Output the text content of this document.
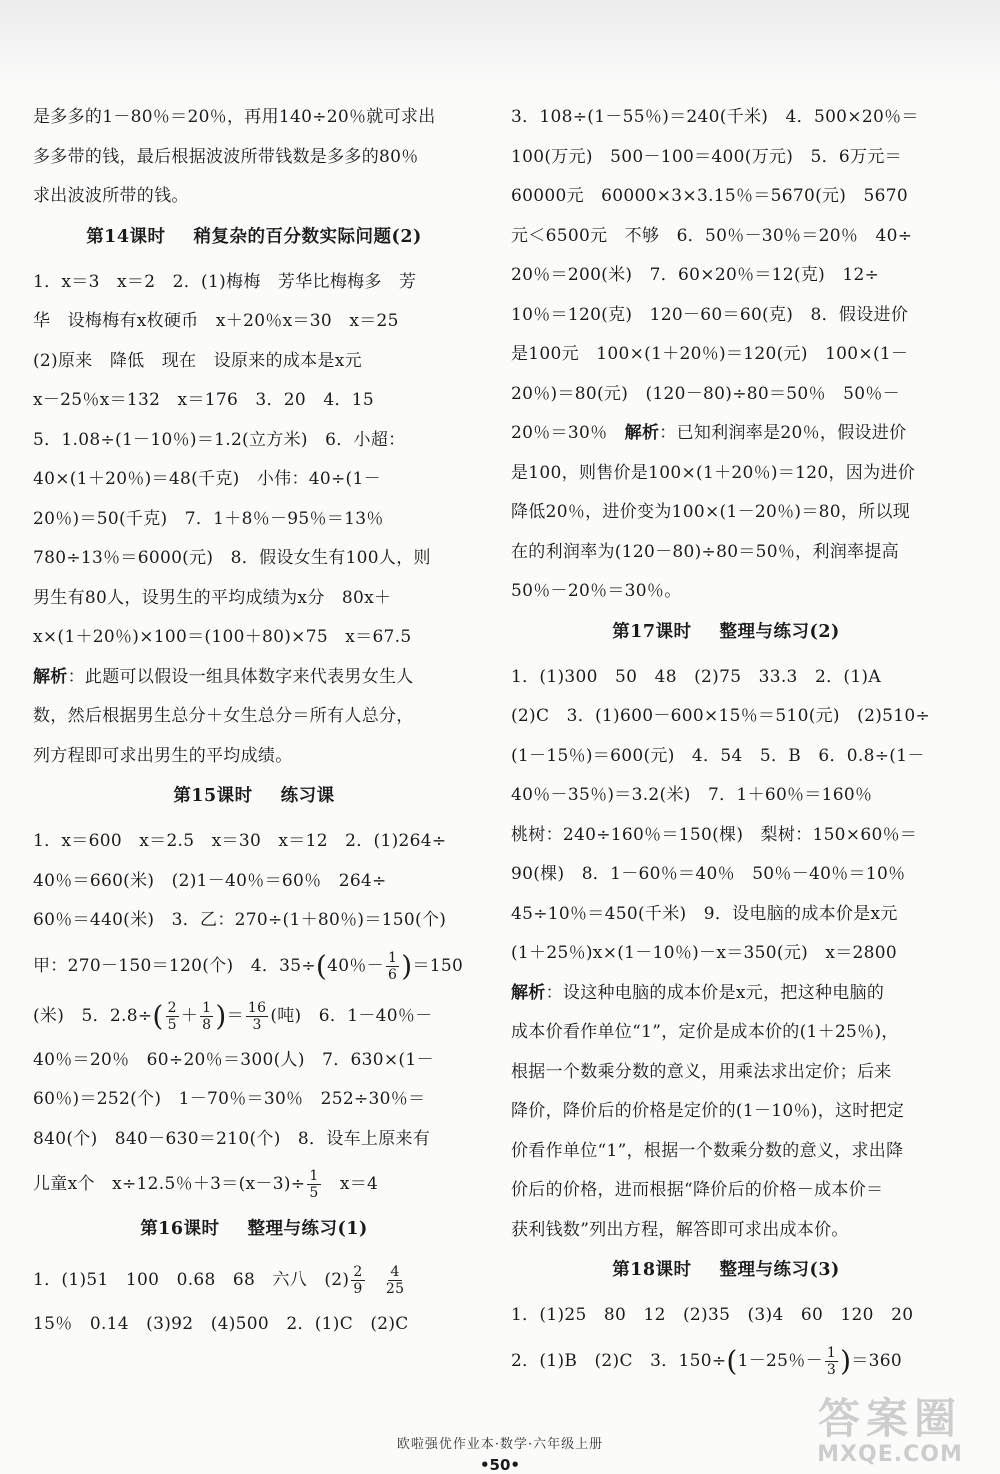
是多多的1－80％＝20％，再用140÷20％就可求出

多多带的钱，最后根据波波所带钱数是多多的80％

求出波波所带的钱。

第14课时 稍复杂的百分数实际问题(2)

1．x＝3　x＝2　2．(1)梅梅　芳华比梅梅多　芳

华　设梅梅有x枚硬币　x＋20％x＝30　x＝25

(2)原来　降低　现在　设原来的成本是x元

x－25％x＝132　x＝176　3．20　4．15

5．1.08÷(1－10％)＝1.2(立方米)　6．小超：

40×(1＋20％)＝48(千克)　小伟：40÷(1－

20％)＝50(千克)　7．1＋8％－95％＝13％

780÷13％＝6000(元)　8．假设女生有100人，则

男生有80人，设男生的平均成绩为x分　80x＋

x×(1＋20％)×100＝(100＋80)×75　x＝67.5

解析：此题可以假设一组具体数字来代表男女生人

数，然后根据男生总分＋女生总分＝所有人总分，

列方程即可求出男生的平均成绩。

第15课时 练习课

1．x＝600　x＝2.5　x＝30　x＝12　2．(1)264÷

40％＝660(米)　(2)1－40％＝60％　264÷

60％＝440(米)　3．乙：270÷(1＋80％)＝150(个)

甲：270－150＝120(个)　4．35÷(40％－ $\frac{1}{6} )=150$

(米)　5．$2.8\div( \frac{2}{5} + \frac{1}{8}$ )＝ $\frac{16}{3}$ (吨)　6．1－40％－

40％＝20％　60÷20％＝300(人)　7．630×(1－

60％)＝252(个)　1－70％＝30％　252÷30％＝

840(个)　840－630＝210(个)　8．设车上原来有

儿童x个　x÷12.5％$+3=(x-3)\div \frac{1}{5}$ 　x＝4

第16课时 整理与练习(1)

1．(1)51　100　0.68　68　六八　$(2) \frac{2}{9}$
　 $\frac{4}{25}$

15％　0.14　(3)92　(4)500　2．(1)C　(2)C

3．108÷(1－55％)＝240(千米)　4．500×20％＝

100(万元)　500－100＝400(万元)　5．6万元＝

60000元　60000×3×3.15％＝5670(元)　5670

元＜6500元　不够　6．50％－30％＝20％　40÷

20％＝200(米)　7．60×20％＝12(克)　12÷

10％＝120(克)　120－60＝60(克)　8．假设进价

是100元　100×(1＋20％)＝120(元)　100×(1－

20％)＝80(元)　(120－80)÷80＝50％　50％－

20％＝30％　解析：已知利润率是20％，假设进价

是100，则售价是100×(1＋20％)＝120，因为进价

降低20％，进价变为100×(1－20％)＝80，所以现

在的利润率为(120－80)÷80＝50％，利润率提高

50％－20％＝30％。

第17课时 整理与练习(2)

1．(1)300　50　48　(2)75　33.3　2．(1)A

(2)C　3．(1)600－600×15％＝510(元)　(2)510÷

(1－15％)＝600(元)　4．54　5．B　6．0.8÷(1－

40％－35％)＝3.2(米)　7．1＋60％＝160％

桃树：240÷160％＝150(棵)　梨树：150×60％＝

90(棵)　8．1－60％＝40％　50％－40％＝10％

45÷10％＝450(千米)　9．设电脑的成本价是x元

(1＋25％)x×(1－10％)－x＝350(元)　x＝2800

解析：设这种电脑的成本价是x元，把这种电脑的

成本价看作单位“1”，定价是成本价的(1＋25％)，

根据一个数乘分数的意义，用乘法求出定价；后来

降价，降价后的价格是定价的(1－10％)，这时把定

价看作单位“1”，根据一个数乘分数的意义，求出降

价后的价格，进而根据“降价后的价格－成本价＝

获利钱数”列出方程，解答即可求出成本价。

第18课时 整理与练习(3)

1．(1)25　80　12　(2)35　(3)4　60　120　20

2．(1)B　(2)C　3．150÷(1－25％－ $\frac{1}{3} )=360$

欧啦强优作业本·数学·六年级上册
•50•
答案圈
MXQE.COM
